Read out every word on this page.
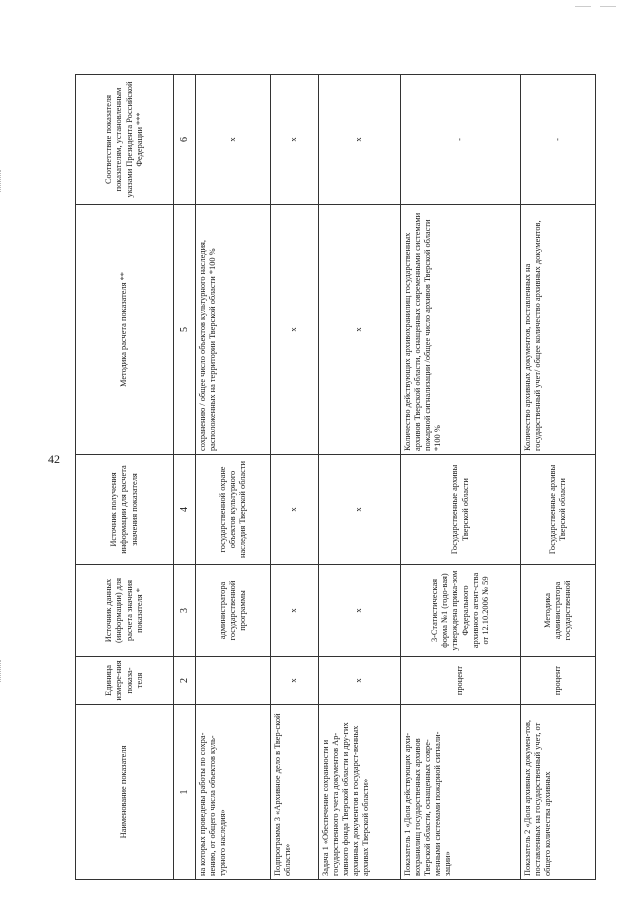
42
Наименование показателя	Единица измере-ния показа-теля	Источник данных (информации) для расчета значения показателя *	Источник получения информации для расчета значения показателя	Методика расчета показателя **	Соответствие показателя показателям, установленным указами Президента Российской Федерации ***
1	2	3	4	5	6
на которых проведены работы по сохра-нению, от общего числа объектов куль-турного наследия»		администратора государственной программы	государственной охране объектов культурного наследия Тверской области	сохранению / общее число объектов культурного наследия, расположенных на территории Тверской области *100 %	x
Подпрограмма 3 «Архивное дело в Твер-ской области»	x	x	x	x	x
Задача 1 «Обеспечение сохранности и государственного учета документов Ар-хивного фонда Тверской области и дру-гих архивных документов в государст-венных архивах Тверской области»	x	x	x	x	x
Показатель 1 «Доля действующих архи-вохранилищ государственных архивов Тверской области, оснащенных совре-менными системами пожарной сигнали-зации»	процент	3-Статистическая форма №1 (годо-вая) утверждена прика-зом Федерального архивного агент-ства от 12.10.2006 № 59	Государственные архивы Тверской области	Количество действующих архивохранилищ государственных архивов Тверской области, оснащенных современными системами пожарной сигнализации /общее число архивов Тверской области *100 %	-
Показатель 2 «Доля архивных докумен-тов, поставленных на государственный учет, от общего количества архивных	процент	Методика администратора государственной	Государственные архивы Тверской области	Количество архивных документов, поставленных на государственный учет/ общее количество архивных документов,	-
